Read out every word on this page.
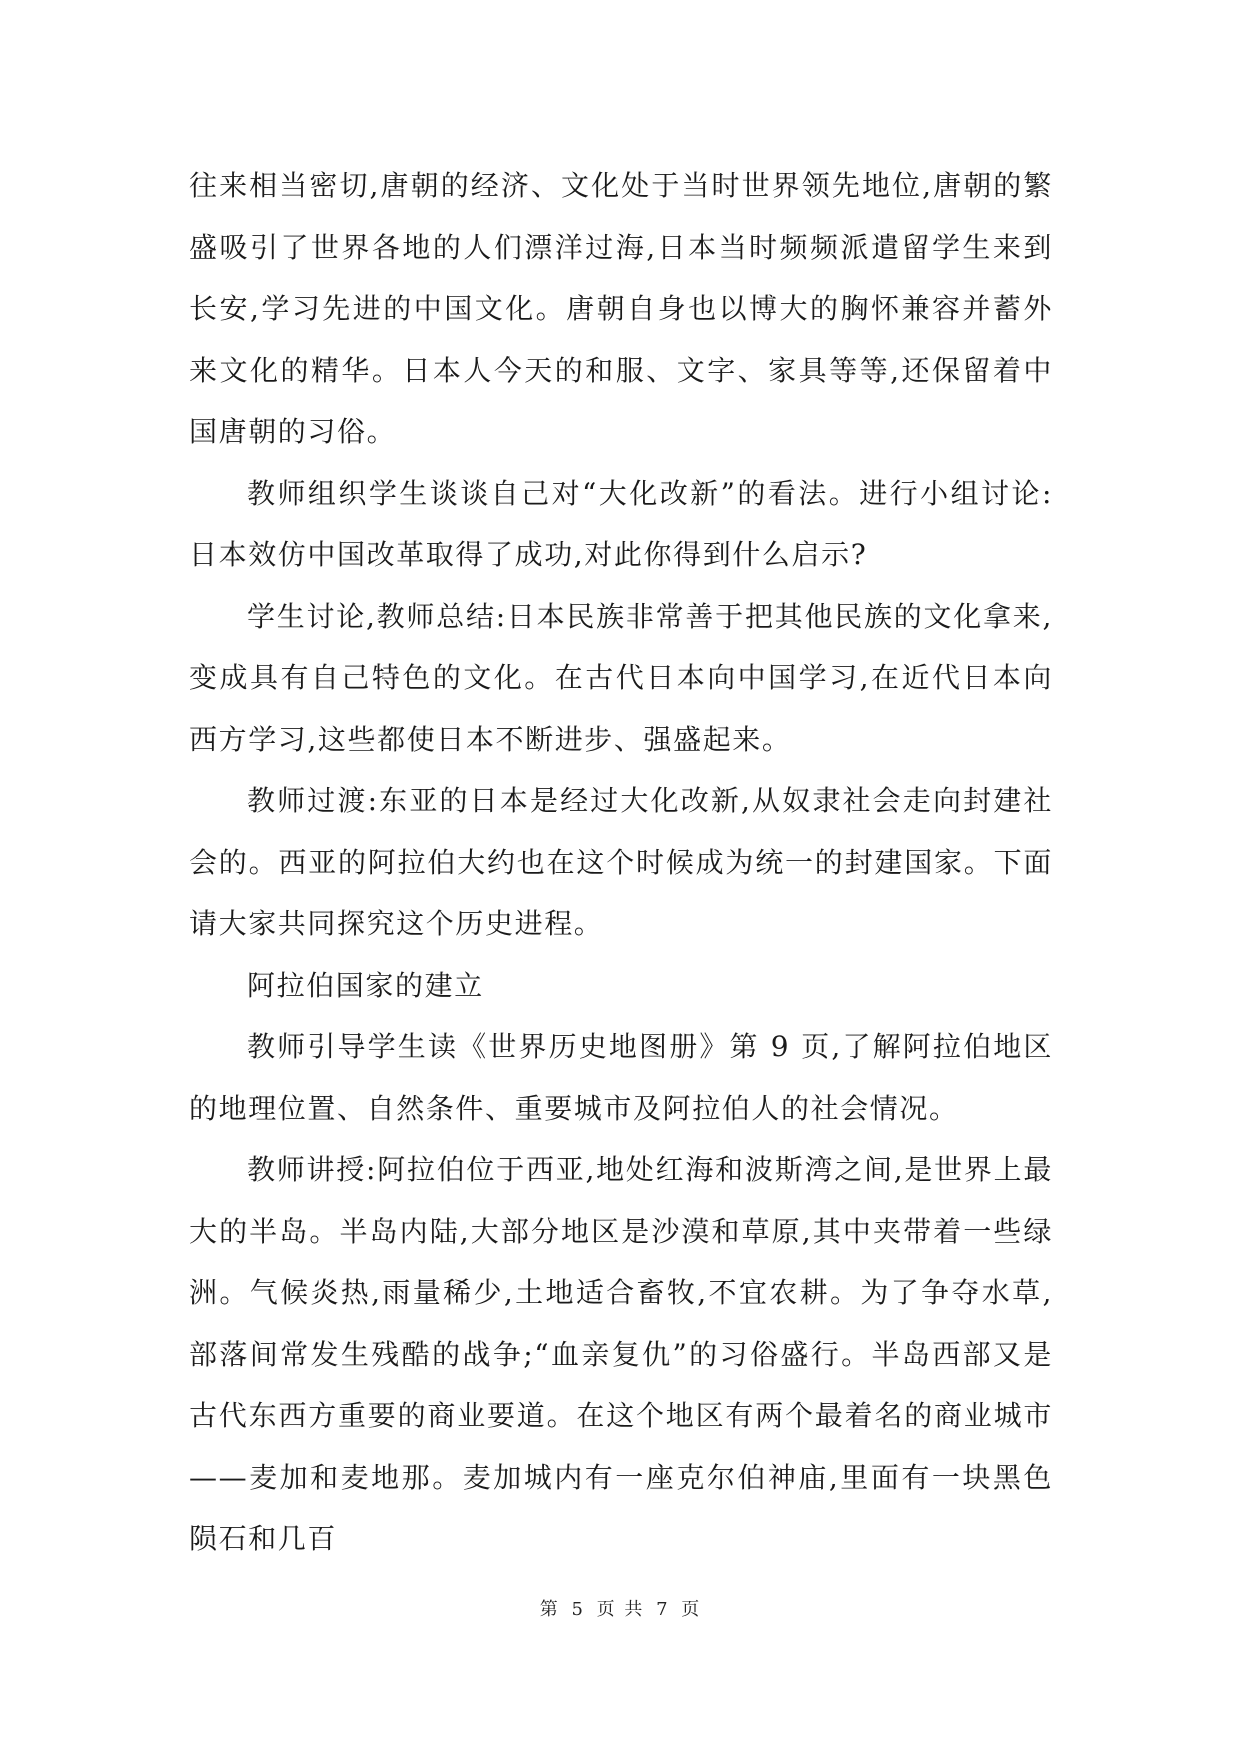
往来相当密切,唐朝的经济、文化处于当时世界领先地位,唐朝的繁盛吸引了世界各地的人们漂洋过海,日本当时频频派遣留学生来到长安,学习先进的中国文化。唐朝自身也以博大的胸怀兼容并蓄外来文化的精华。日本人今天的和服、文字、家具等等,还保留着中国唐朝的习俗。

教师组织学生谈谈自己对“大化改新”的看法。进行小组讨论:日本效仿中国改革取得了成功,对此你得到什么启示?

学生讨论,教师总结:日本民族非常善于把其他民族的文化拿来,变成具有自己特色的文化。在古代日本向中国学习,在近代日本向西方学习,这些都使日本不断进步、强盛起来。

教师过渡:东亚的日本是经过大化改新,从奴隶社会走向封建社会的。西亚的阿拉伯大约也在这个时候成为统一的封建国家。下面请大家共同探究这个历史进程。

阿拉伯国家的建立

教师引导学生读《世界历史地图册》第 9 页,了解阿拉伯地区的地理位置、自然条件、重要城市及阿拉伯人的社会情况。

教师讲授:阿拉伯位于西亚,地处红海和波斯湾之间,是世界上最大的半岛。半岛内陆,大部分地区是沙漠和草原,其中夹带着一些绿洲。气候炎热,雨量稀少,土地适合畜牧,不宜农耕。为了争夺水草,部落间常发生残酷的战争;“血亲复仇”的习俗盛行。半岛西部又是古代东西方重要的商业要道。在这个地区有两个最着名的商业城市——麦加和麦地那。麦加城内有一座克尔伯神庙,里面有一块黑色陨石和几百

第 5 页 共 7 页
